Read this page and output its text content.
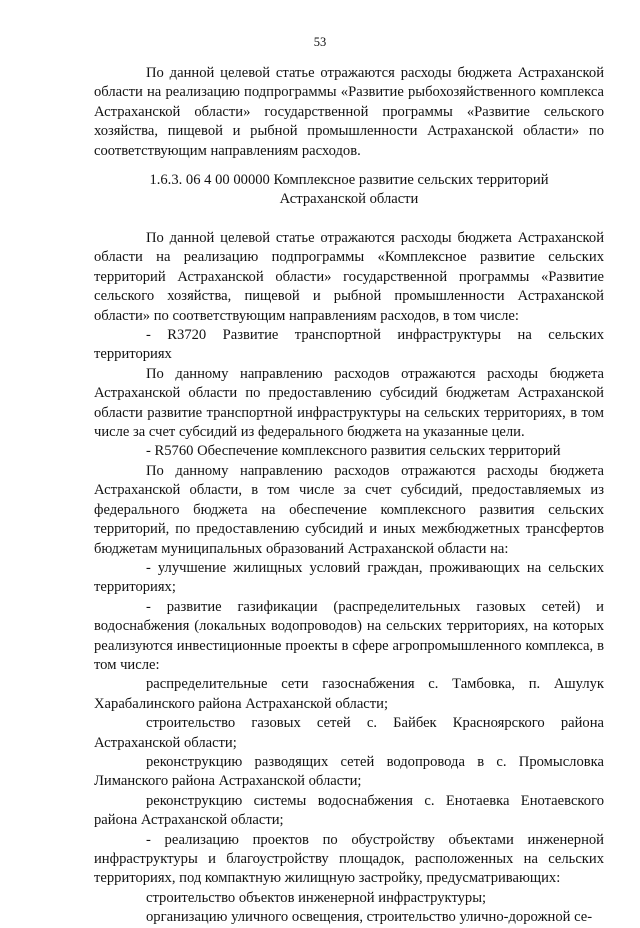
53

По данной целевой статье отражаются расходы бюджета Астраханской области на реализацию подпрограммы «Развитие рыбохозяйственного комплекса Астраханской области» государственной программы «Развитие сельского хозяйства, пищевой и рыбной промышленности Астраханской области» по соответствующим направлениям расходов.

1.6.3. 06 4 00 00000 Комплексное развитие сельских территорий
Астраханской области

По данной целевой статье отражаются расходы бюджета Астраханской области на реализацию подпрограммы «Комплексное развитие сельских территорий Астраханской области» государственной программы «Развитие сельского хозяйства, пищевой и рыбной промышленности Астраханской области» по соответствующим направлениям расходов, в том числе:

- R3720 Развитие транспортной инфраструктуры на сельских территориях

По данному направлению расходов отражаются расходы бюджета Астраханской области по предоставлению субсидий бюджетам Астраханской области развитие транспортной инфраструктуры на сельских территориях, в том числе за счет субсидий из федерального бюджета на указанные цели.

- R5760 Обеспечение комплексного развития сельских территорий

По данному направлению расходов отражаются расходы бюджета Астраханской области, в том числе за счет субсидий, предоставляемых из федерального бюджета на обеспечение комплексного развития сельских территорий, по предоставлению субсидий и иных межбюджетных трансфертов бюджетам муниципальных образований Астраханской области на:

- улучшение жилищных условий граждан, проживающих на сельских территориях;

- развитие газификации (распределительных газовых сетей) и водоснабжения (локальных водопроводов) на сельских территориях, на которых реализуются инвестиционные проекты в сфере агропромышленного комплекса, в том числе:

распределительные сети газоснабжения с. Тамбовка, п. Ашулук Харабалинского района Астраханской области;

строительство газовых сетей с. Байбек Красноярского района Астраханской области;

реконструкцию разводящих сетей водопровода в с. Промысловка Лиманского района Астраханской области;

реконструкцию системы водоснабжения с. Енотаевка Енотаевского района Астраханской области;

- реализацию проектов по обустройству объектами инженерной инфраструктуры и благоустройству площадок, расположенных на сельских территориях, под компактную жилищную застройку, предусматривающих:

строительство объектов инженерной инфраструктуры;

организацию уличного освещения, строительство улично-дорожной се-
